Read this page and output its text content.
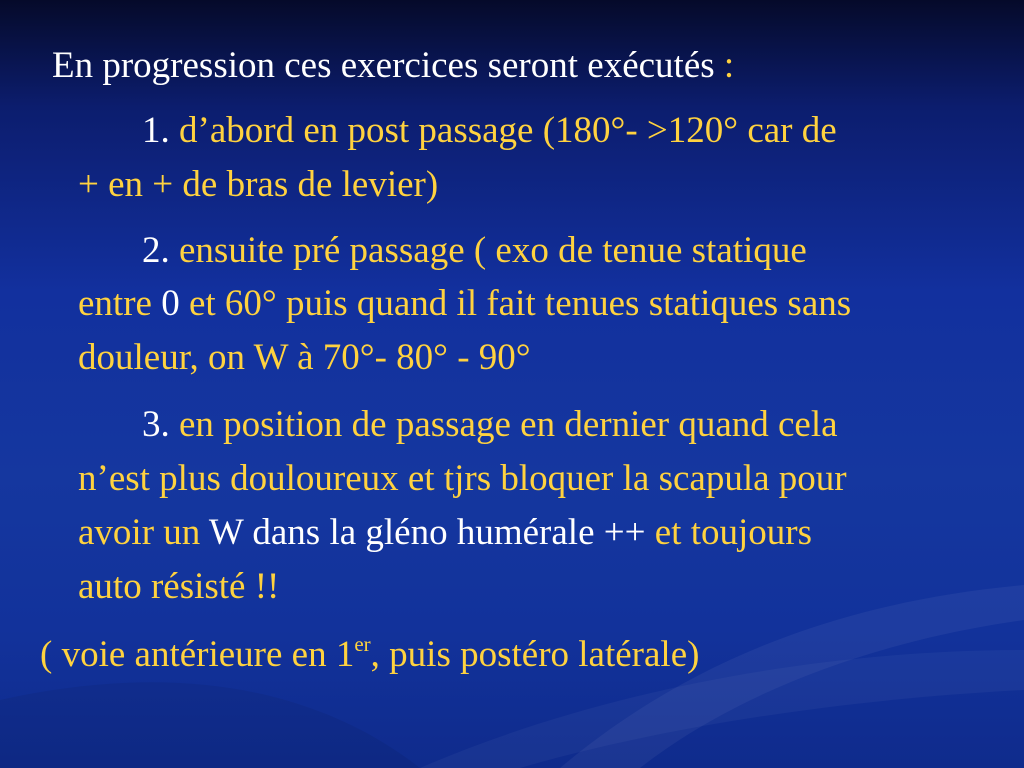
En progression ces exercices seront exécutés :
1. d’abord en post passage (180°- >120° car de
+ en + de bras de levier)
2. ensuite pré passage ( exo de tenue statique
entre 0 et 60° puis quand il fait tenues statiques sans
douleur, on W à 70°- 80° - 90°
3. en position de passage en dernier quand cela
n’est plus douloureux et tjrs bloquer la scapula pour
avoir un W dans la gléno humérale ++ et toujours
auto résisté !!
( voie antérieure en 1er, puis postéro latérale)
